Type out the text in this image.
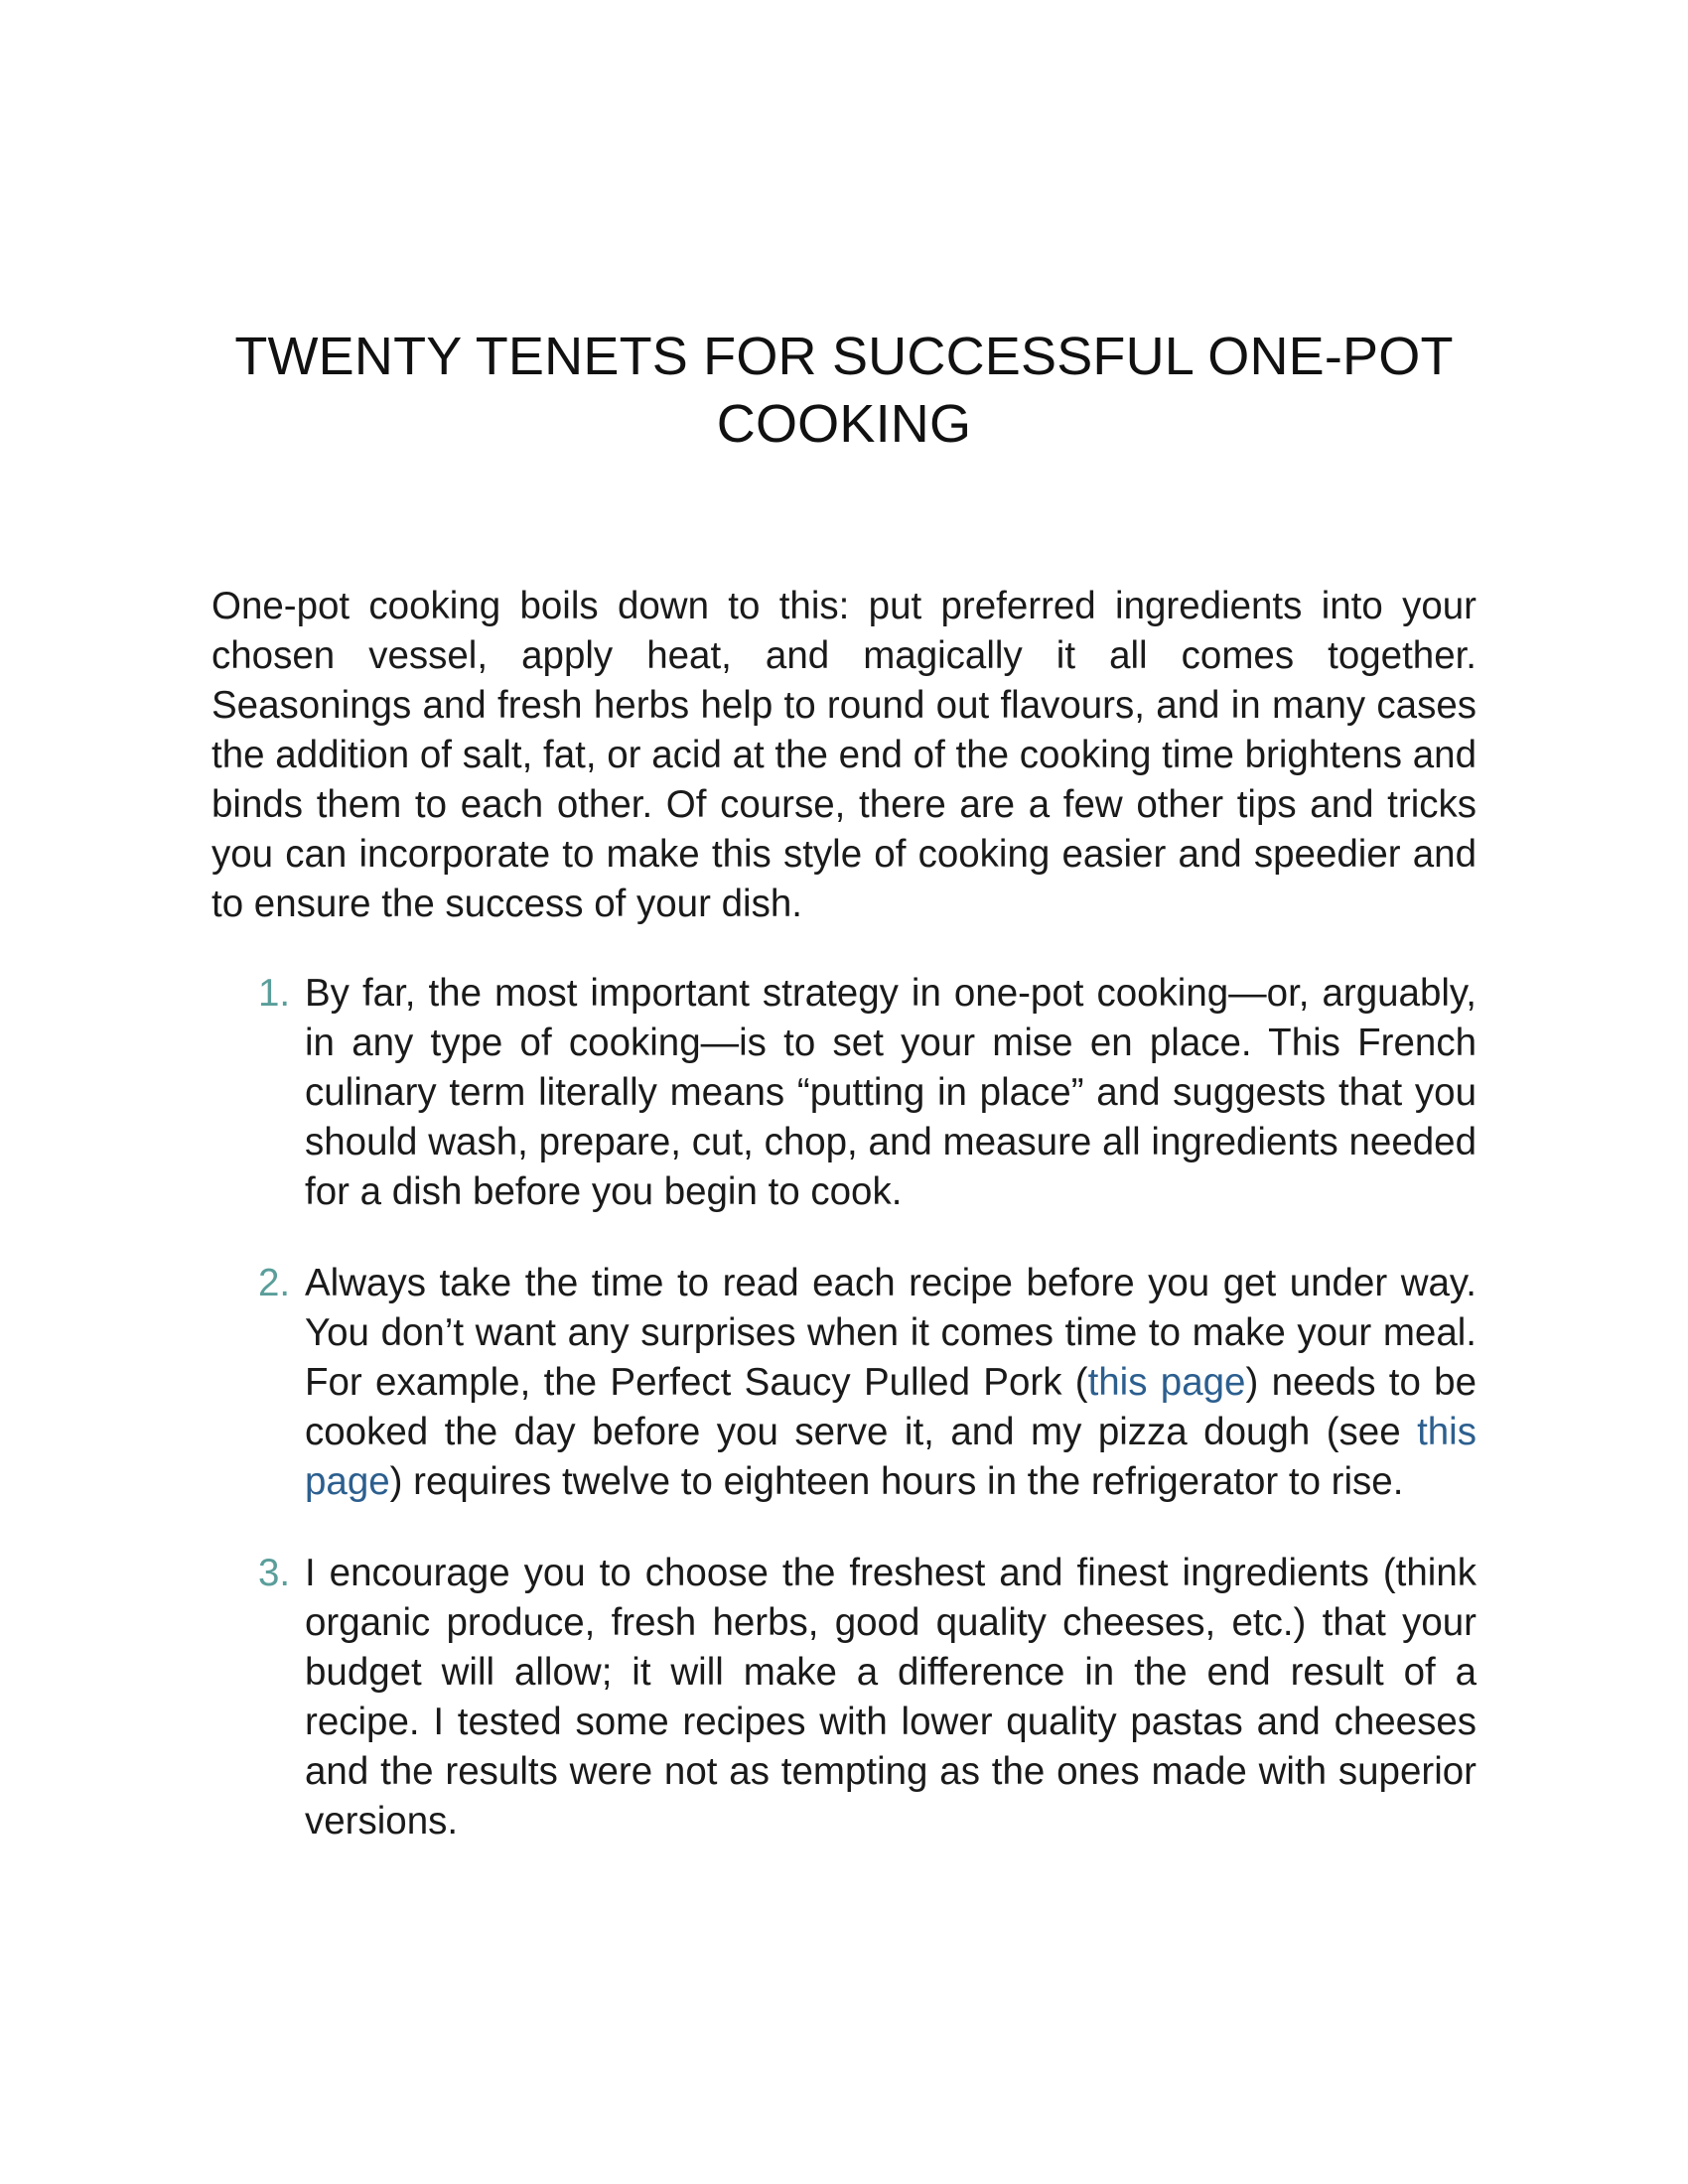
TWENTY TENETS FOR SUCCESSFUL ONE-POT COOKING

One-pot cooking boils down to this: put preferred ingredients into your chosen vessel, apply heat, and magically it all comes together. Seasonings and fresh herbs help to round out flavours, and in many cases the addition of salt, fat, or acid at the end of the cooking time brightens and binds them to each other. Of course, there are a few other tips and tricks you can incorporate to make this style of cooking easier and speedier and to ensure the success of your dish.

1. By far, the most important strategy in one-pot cooking—or, arguably, in any type of cooking—is to set your mise en place. This French culinary term literally means “putting in place” and suggests that you should wash, prepare, cut, chop, and measure all ingredients needed for a dish before you begin to cook.

2. Always take the time to read each recipe before you get under way. You don’t want any surprises when it comes time to make your meal. For example, the Perfect Saucy Pulled Pork (this page) needs to be cooked the day before you serve it, and my pizza dough (see this page) requires twelve to eighteen hours in the refrigerator to rise.

3. I encourage you to choose the freshest and finest ingredients (think organic produce, fresh herbs, good quality cheeses, etc.) that your budget will allow; it will make a difference in the end result of a recipe. I tested some recipes with lower quality pastas and cheeses and the results were not as tempting as the ones made with superior versions.
